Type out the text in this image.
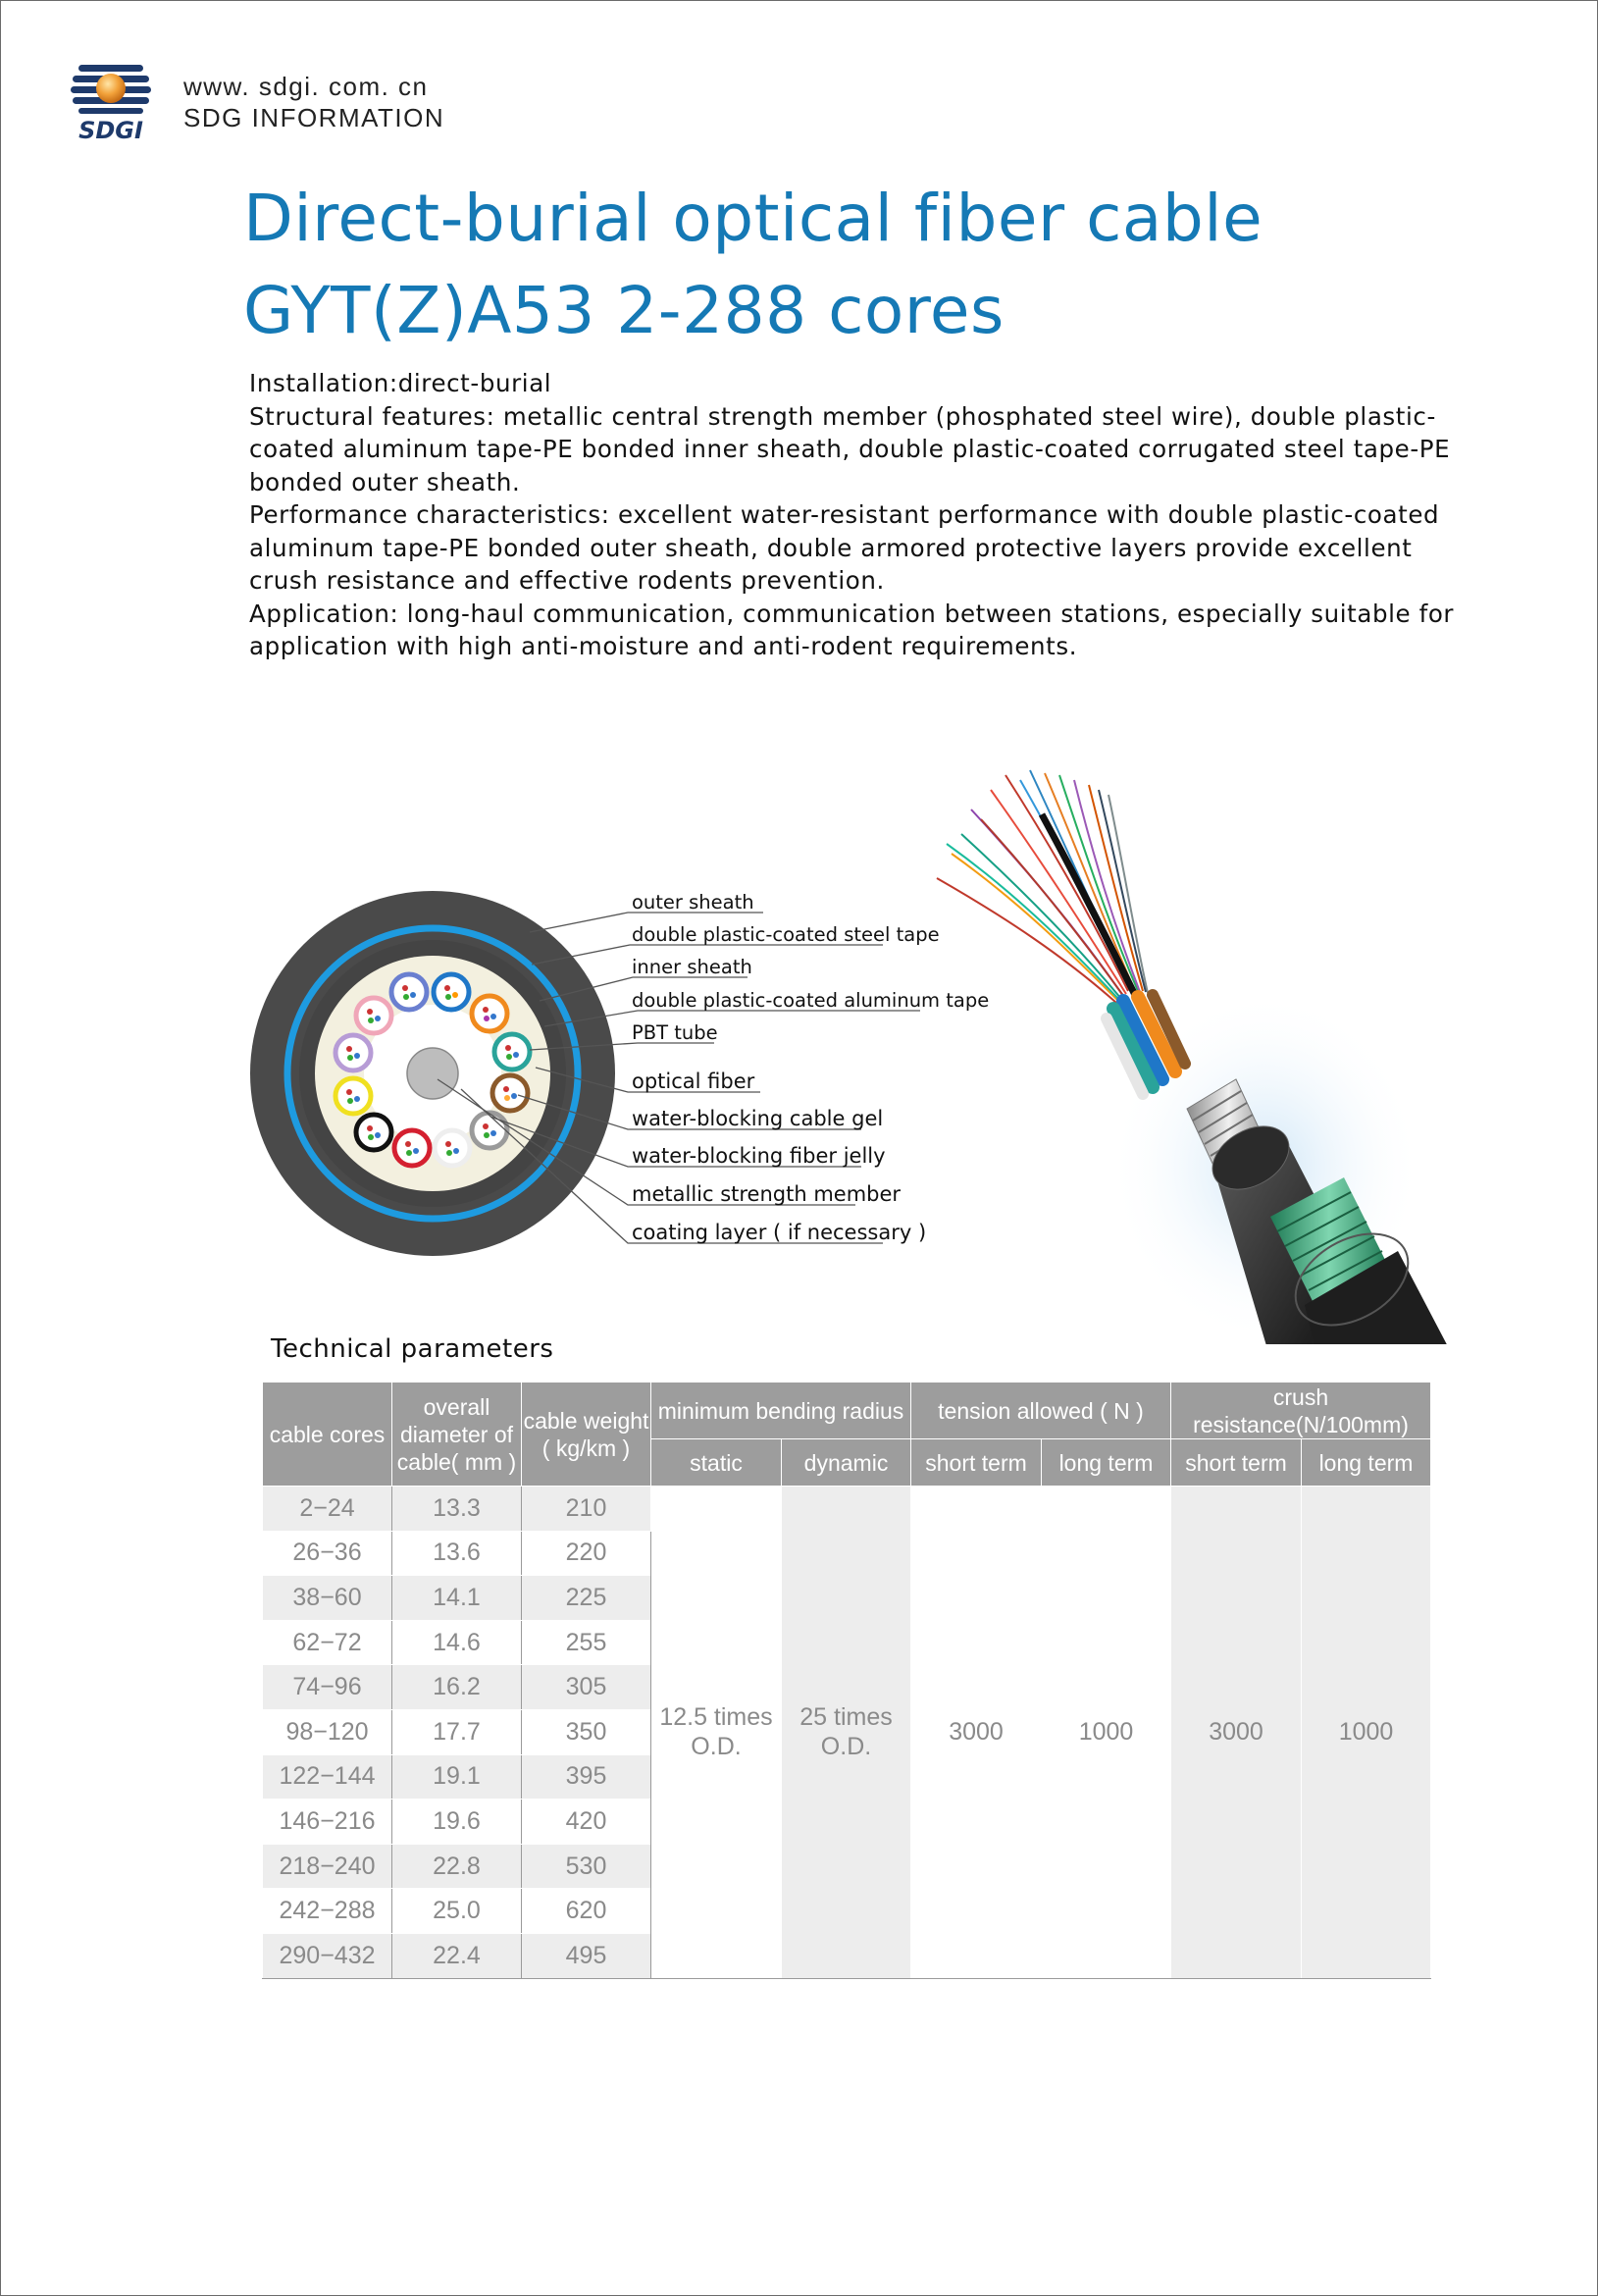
SDGI
www. sdgi. com. cn
SDG INFORMATION
Direct-burial optical fiber cable
GYT(Z)A53 2-288 cores

Installation:direct-burial

Structural features: metallic central strength member (phosphated steel wire), double plastic-coated aluminum tape-PE bonded inner sheath, double plastic-coated corrugated steel tape-PE bonded outer sheath.

Performance characteristics: excellent water-resistant performance with double plastic-coated aluminum tape-PE bonded outer sheath, double armored protective layers provide excellent crush resistance and effective rodents prevention.

Application: long-haul communication, communication between stations, especially suitable for application with high anti-moisture and anti-rodent requirements.

outer sheath
double plastic-coated steel tape
inner sheath
double plastic-coated aluminum tape
PBT tube
optical fiber
water-blocking cable gel
water-blocking fiber jelly
metallic strength member
coating layer ( if necessary )
Technical parameters
cable cores	overall diameter of cable( mm )	cable weight ( kg/km )	minimum bending radius		tension allowed ( N )		crush resistance(N/100mm)	
			static	dynamic	short term	long term	short term	long term
2−24	13.3	210	12.5 times O.D.	25 times O.D.	3000	1000	3000	1000
26−36	13.6	220						
38−60	14.1	225						
62−72	14.6	255						
74−96	16.2	305						
98−120	17.7	350						
122−144	19.1	395						
146−216	19.6	420						
218−240	22.8	530						
242−288	25.0	620						
290−432	22.4	495						
